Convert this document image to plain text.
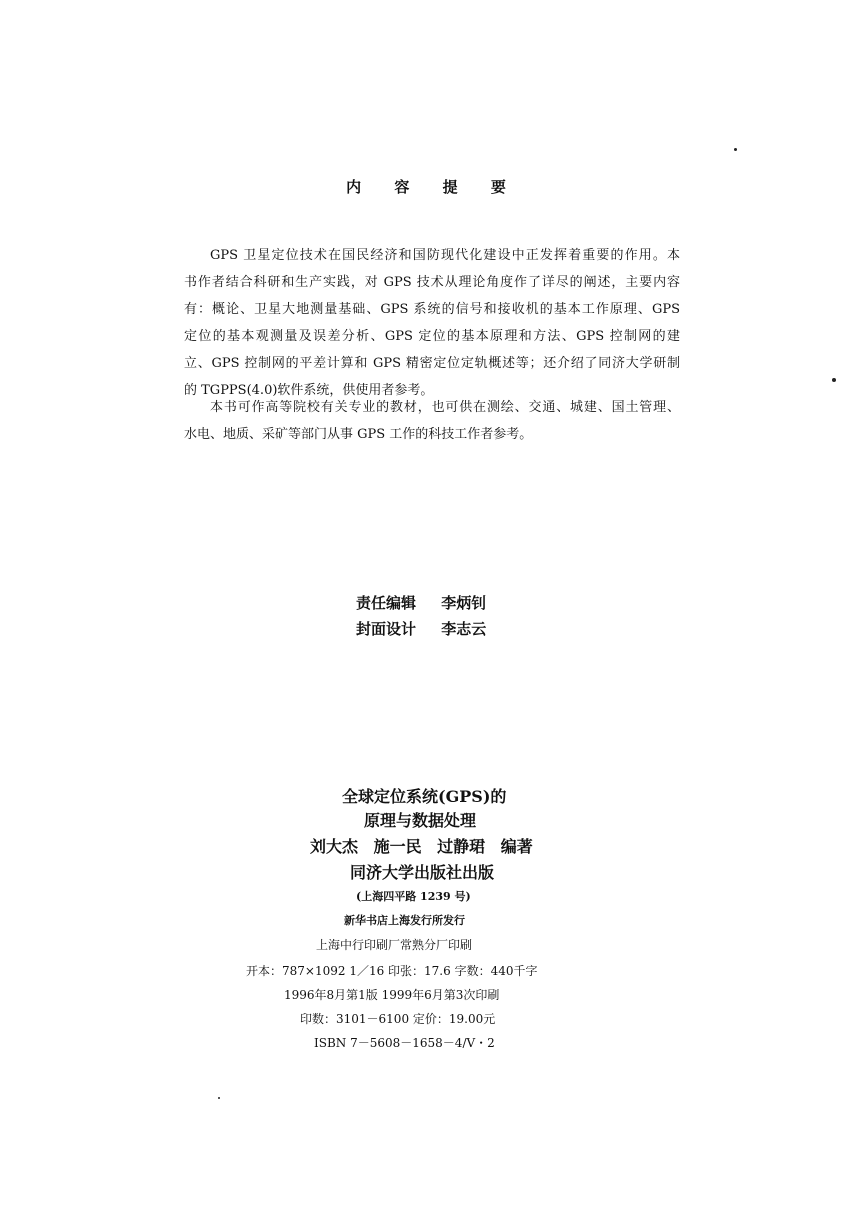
内 容 提 要
GPS 卫星定位技术在国民经济和国防现代化建设中正发挥着重要的作用。本
书作者结合科研和生产实践，对 GPS 技术从理论角度作了详尽的阐述，主要内容
有：概论、卫星大地测量基础、GPS 系统的信号和接收机的基本工作原理、GPS
定位的基本观测量及误差分析、GPS 定位的基本原理和方法、GPS 控制网的建
立、GPS 控制网的平差计算和 GPS 精密定位定轨概述等；还介绍了同济大学研制
的 TGPPS(4.0)软件系统，供使用者参考。
本书可作高等院校有关专业的教材，也可供在测绘、交通、城建、国土管理、
水电、地质、采矿等部门从事 GPS 工作的科技工作者参考。
责任编辑 李炳钊
封面设计 李志云
全球定位系统(GPS)的
原理与数据处理
刘大杰 施一民 过静珺 编著
同济大学出版社出版
(上海四平路 1239 号)
新华书店上海发行所发行
上海中行印刷厂常熟分厂印刷
开本：787×1092 1／16 印张：17.6 字数：440千字
1996年8月第1版 1999年6月第3次印刷
印数：3101－6100 定价：19.00元
ISBN 7－5608－1658－4/V・2
